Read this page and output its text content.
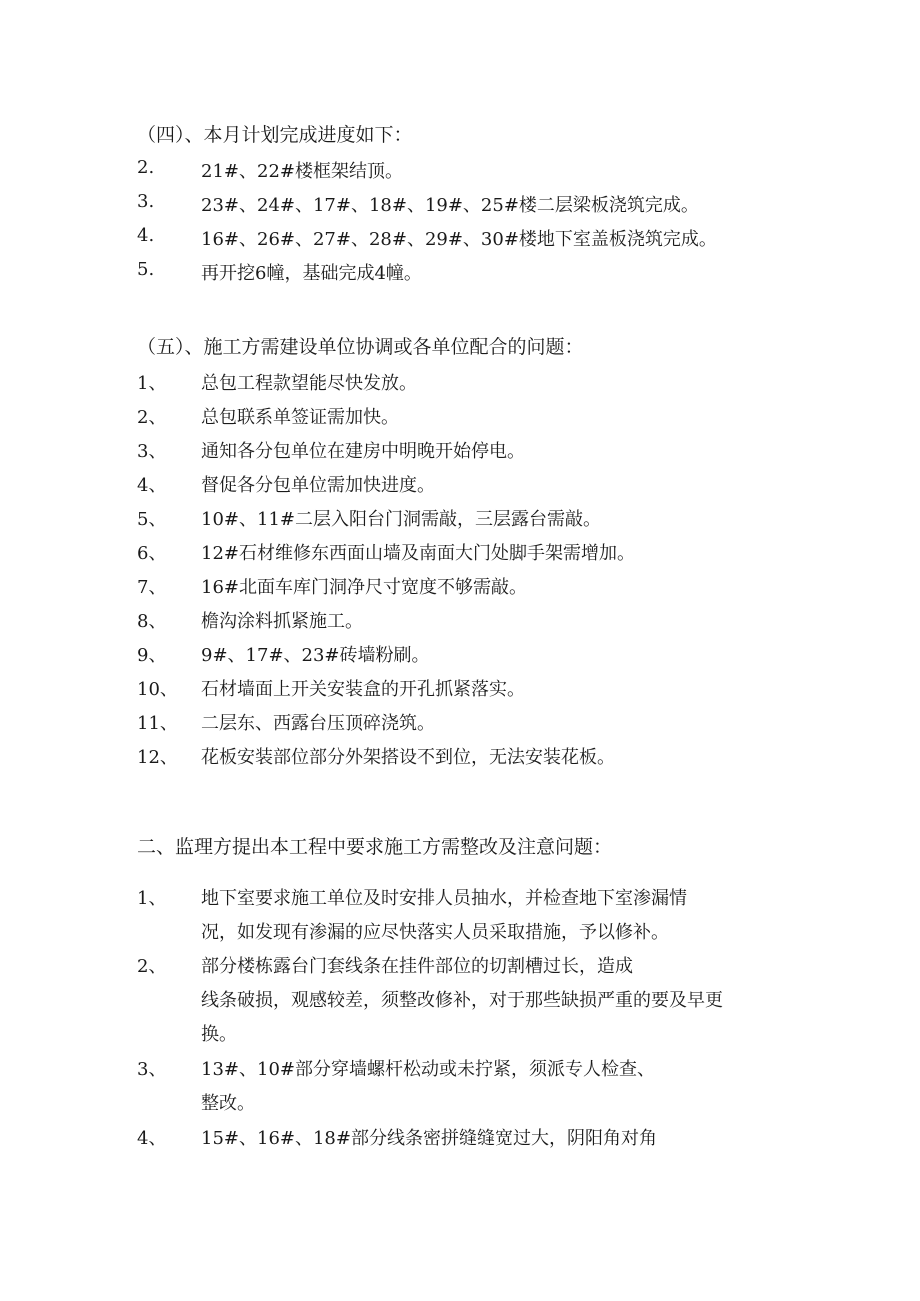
（四）、本月计划完成进度如下：
2.	21#、22#楼框架结顶。
3.	23#、24#、17#、18#、19#、25#楼二层梁板浇筑完成。
4.	16#、26#、27#、28#、29#、30#楼地下室盖板浇筑完成。
5.	再开挖6幢，基础完成4幢。
（五）、施工方需建设单位协调或各单位配合的问题：
1、 总包工程款望能尽快发放。
2、 总包联系单签证需加快。
3、 通知各分包单位在建房中明晚开始停电。
4、 督促各分包单位需加快进度。
5、 10#、11#二层入阳台门洞需敲，三层露台需敲。
6、 12#石材维修东西面山墙及南面大门处脚手架需增加。
7、 16#北面车库门洞净尺寸宽度不够需敲。
8、 檐沟涂料抓紧施工。
9、 9#、17#、23#砖墙粉刷。
10、 石材墙面上开关安装盒的开孔抓紧落实。
11、 二层东、西露台压顶碎浇筑。
12、 花板安装部位部分外架搭设不到位，无法安装花板。
二、监理方提出本工程中要求施工方需整改及注意问题：
1、 地下室要求施工单位及时安排人员抽水，并检查地下室渗漏情
况，如发现有渗漏的应尽快落实人员采取措施，予以修补。
2、 部分楼栋露台门套线条在挂件部位的切割槽过长，造成
线条破损，观感较差，须整改修补，对于那些缺损严重的要及早更
换。
3、 13#、10#部分穿墙螺杆松动或未拧紧，须派专人检查、
整改。
4、 15#、16#、18#部分线条密拼缝缝宽过大，阴阳角对角
